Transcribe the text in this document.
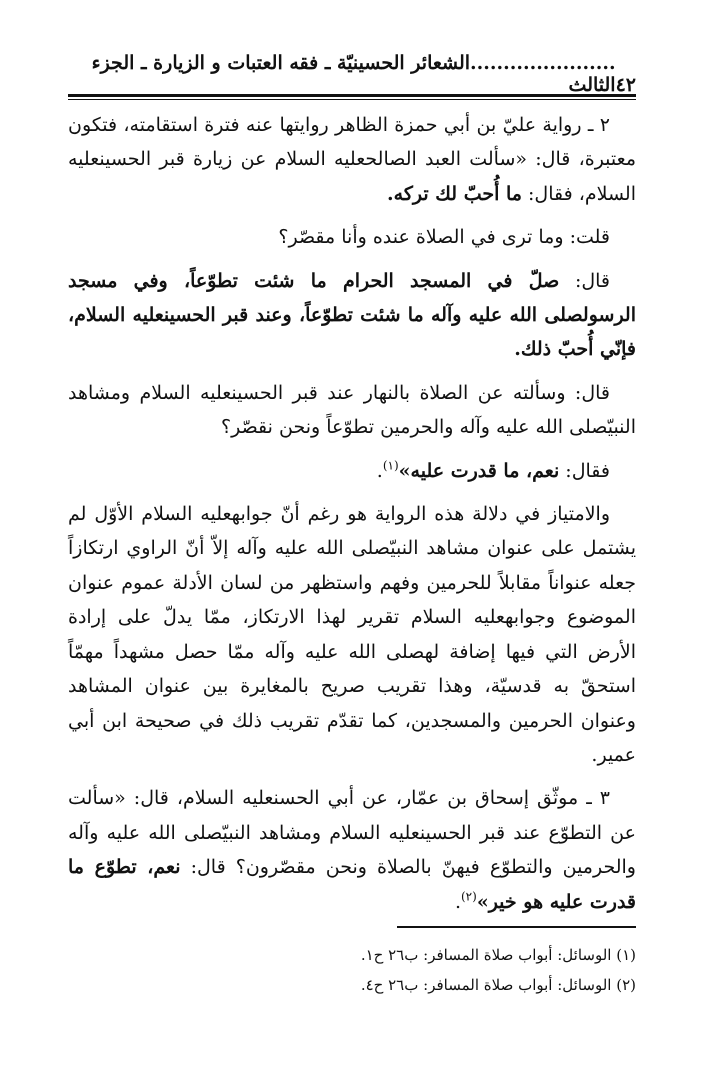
٤٢
......................الشعائر الحسينيّة ـ فقه العتبات و الزيارة ـ الجزء الثالث

٢ ـ رواية عليّ بن أبي حمزة الظاهر روايتها عنه فترة استقامته، فتكون معتبرة، قال: «سألت العبد الصالحعليه السلام عن زيارة قبر الحسينعليه السلام، فقال: ما أُحبّ لك تركه.

قلت: وما ترى في الصلاة عنده وأنا مقصّر؟

قال: صلّ في المسجد الحرام ما شئت تطوّعاً، وفي مسجد الرسولصلى الله عليه وآله ما شئت تطوّعاً، وعند قبر الحسينعليه السلام، فإنّي أُحبّ ذلك.

قال: وسألته عن الصلاة بالنهار عند قبر الحسينعليه السلام ومشاهد النبيّصلى الله عليه وآله والحرمين تطوّعاً ونحن نقصّر؟

فقال: نعم، ما قدرت عليه»$^{(١)}$.

والامتياز في دلالة هذه الرواية هو رغم أنّ جوابهعليه السلام الأوّل لم يشتمل على عنوان مشاهد النبيّصلى الله عليه وآله إلاّ أنّ الراوي ارتكازاً جعله عنواناً مقابلاً للحرمين وفهم واستظهر من لسان الأدلة عموم عنوان الموضوع وجوابهعليه السلام تقرير لهذا الارتكاز، ممّا يدلّ على إرادة الأرض التي فيها إضافة لهصلى الله عليه وآله ممّا حصل مشهداً مهمّاً استحقّ به قدسيّة، وهذا تقريب صريح بالمغايرة بين عنوان المشاهد وعنوان الحرمين والمسجدين، كما تقدّم تقريب ذلك في صحيحة ابن أبي عمير.

٣ ـ موثّق إسحاق بن عمّار، عن أبي الحسنعليه السلام، قال: «سألت عن التطوّع عند قبر الحسينعليه السلام ومشاهد النبيّصلى الله عليه وآله والحرمين والتطوّع فيهنّ بالصلاة ونحن مقصّرون؟ قال: نعم، تطوّع ما قدرت عليه هو خير»$^{(٢)}$.

(١) الوسائل: أبواب صلاة المسافر: ب٢٦ ح١.
(٢) الوسائل: أبواب صلاة المسافر: ب٢٦ ح٤.
